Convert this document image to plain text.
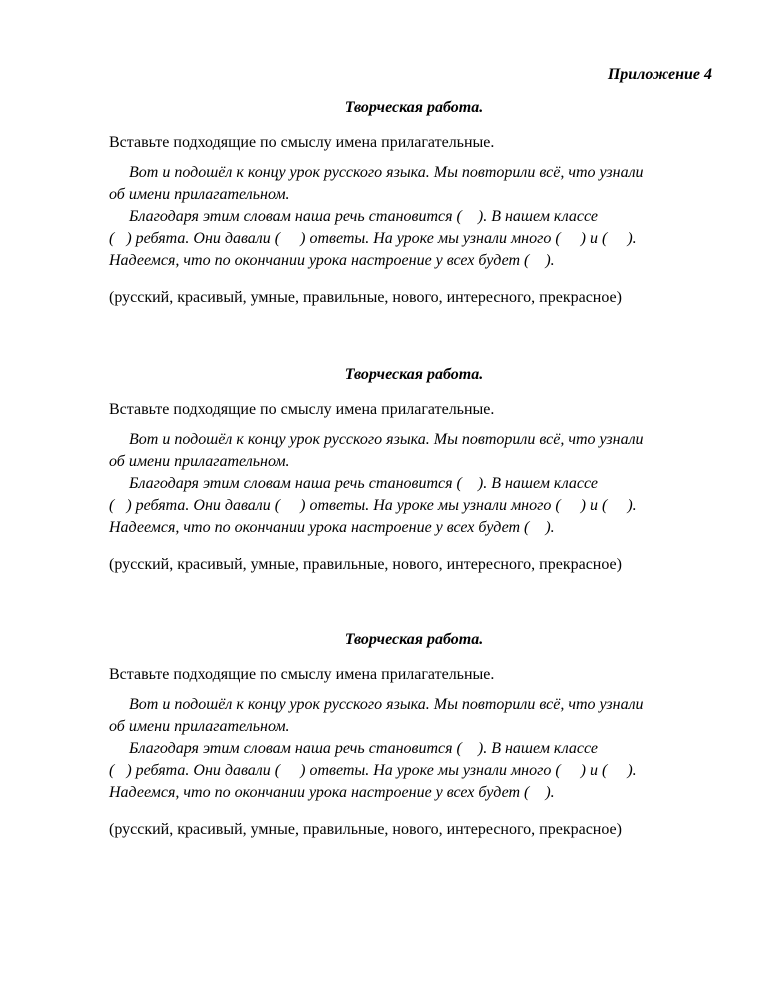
Приложение 4
Творческая работа.
Вставьте подходящие по смыслу имена прилагательные.
Вот и подошёл к концу урок русского языка. Мы повторили всё, что узнали
об имени прилагательном.
Благодаря этим словам наша речь становится (    ). В нашем классе
(   ) ребята. Они давали (     ) ответы. На уроке мы узнали много (     ) и (     ).
Надеемся, что по окончании урока настроение у всех будет (    ).
(русский, красивый, умные, правильные, нового, интересного, прекрасное)
Творческая работа.
Вставьте подходящие по смыслу имена прилагательные.
Вот и подошёл к концу урок русского языка. Мы повторили всё, что узнали
об имени прилагательном.
Благодаря этим словам наша речь становится (    ). В нашем классе
(   ) ребята. Они давали (     ) ответы. На уроке мы узнали много (     ) и (     ).
Надеемся, что по окончании урока настроение у всех будет (    ).
(русский, красивый, умные, правильные, нового, интересного, прекрасное)
Творческая работа.
Вставьте подходящие по смыслу имена прилагательные.
Вот и подошёл к концу урок русского языка. Мы повторили всё, что узнали
об имени прилагательном.
Благодаря этим словам наша речь становится (    ). В нашем классе
(   ) ребята. Они давали (     ) ответы. На уроке мы узнали много (     ) и (     ).
Надеемся, что по окончании урока настроение у всех будет (    ).
(русский, красивый, умные, правильные, нового, интересного, прекрасное)
